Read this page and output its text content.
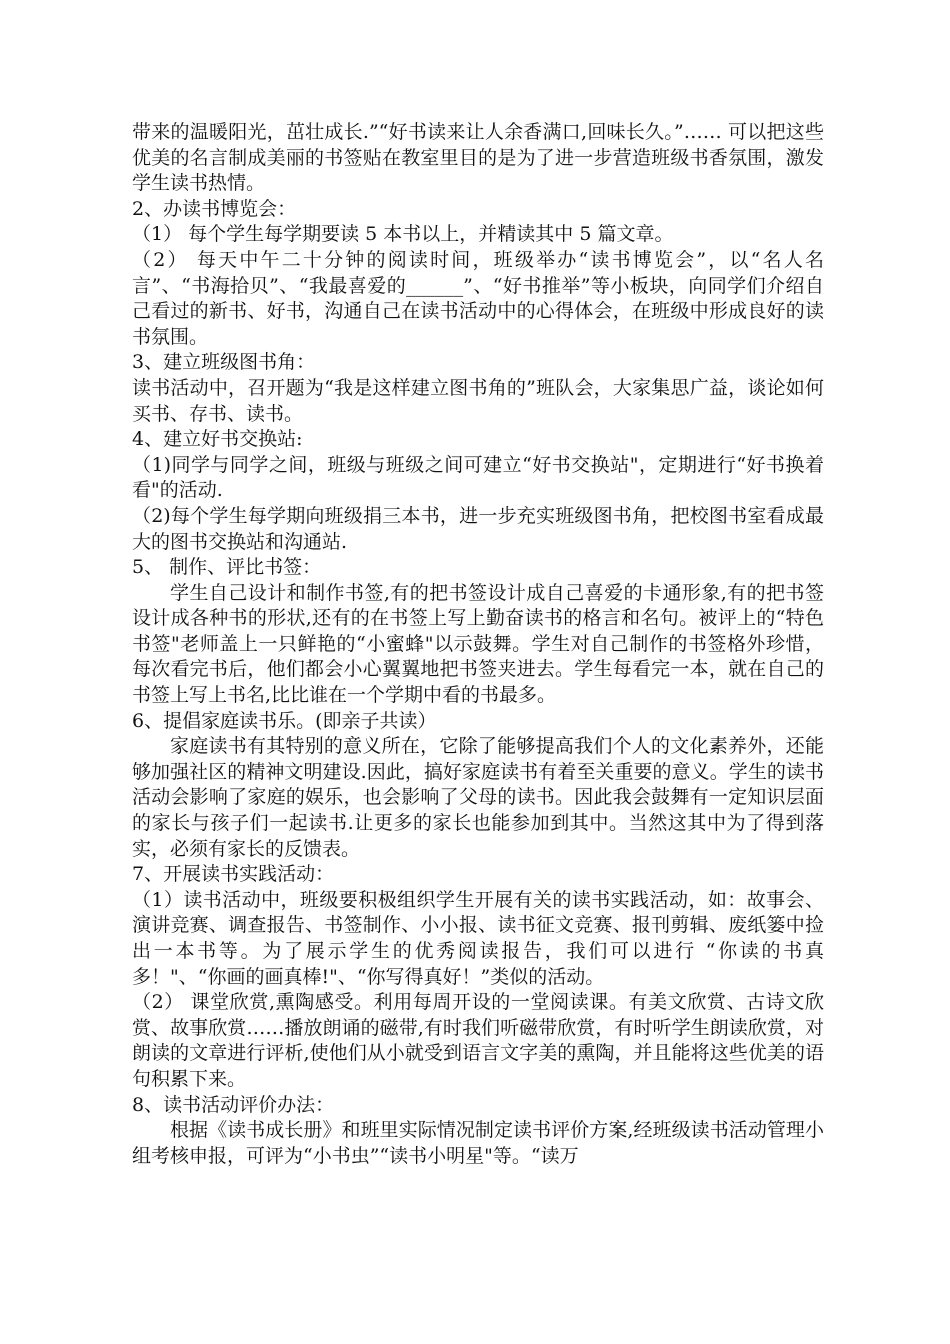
带来的温暖阳光，茁壮成长.”“好书读来让人余香满口,回味长久。”…… 可以把这些优美的名言制成美丽的书签贴在教室里目的是为了进一步营造班级书香氛围，激发学生读书热情。

2、办读书博览会：

（1） 每个学生每学期要读 5 本书以上，并精读其中 5 篇文章。

（2） 每天中午二十分钟的阅读时间，班级举办“读书博览会”，以“名人名言”、“书海拾贝”、“我最喜爱的______”、“好书推举”等小板块，向同学们介绍自己看过的新书、好书，沟通自己在读书活动中的心得体会，在班级中形成良好的读书氛围。

3、建立班级图书角：

读书活动中，召开题为“我是这样建立图书角的”班队会，大家集思广益，谈论如何买书、存书、读书。

4、建立好书交换站:

（1)同学与同学之间，班级与班级之间可建立“好书交换站"，定期进行“好书换着看"的活动.

（2)每个学生每学期向班级捐三本书，进一步充实班级图书角，把校图书室看成最大的图书交换站和沟通站.

5、 制作、评比书签：

学生自己设计和制作书签,有的把书签设计成自己喜爱的卡通形象,有的把书签设计成各种书的形状,还有的在书签上写上勤奋读书的格言和名句。被评上的“特色书签"老师盖上一只鲜艳的“小蜜蜂"以示鼓舞。学生对自己制作的书签格外珍惜，每次看完书后，他们都会小心翼翼地把书签夹进去。学生每看完一本，就在自己的书签上写上书名,比比谁在一个学期中看的书最多。

6、提倡家庭读书乐。(即亲子共读）

家庭读书有其特别的意义所在，它除了能够提高我们个人的文化素养外，还能够加强社区的精神文明建设.因此，搞好家庭读书有着至关重要的意义。学生的读书活动会影响了家庭的娱乐，也会影响了父母的读书。因此我会鼓舞有一定知识层面的家长与孩子们一起读书.让更多的家长也能参加到其中。当然这其中为了得到落实，必须有家长的反馈表。

7、开展读书实践活动：

（1）读书活动中，班级要积极组织学生开展有关的读书实践活动，如：故事会、演讲竞赛、调查报告、书签制作、小小报、读书征文竞赛、报刊剪辑、废纸篓中捡出一本书等。为了展示学生的优秀阅读报告，我们可以进行 “你读的书真多！"、“你画的画真棒!"、“你写得真好！”类似的活动。

（2） 课堂欣赏,熏陶感受。利用每周开设的一堂阅读课。有美文欣赏、古诗文欣赏、故事欣赏……播放朗诵的磁带,有时我们听磁带欣赏，有时听学生朗读欣赏，对朗读的文章进行评析,使他们从小就受到语言文字美的熏陶，并且能将这些优美的语句积累下来。

8、读书活动评价办法：

根据《读书成长册》和班里实际情况制定读书评价方案,经班级读书活动管理小组考核申报，可评为“小书虫”“读书小明星"等。“读万
